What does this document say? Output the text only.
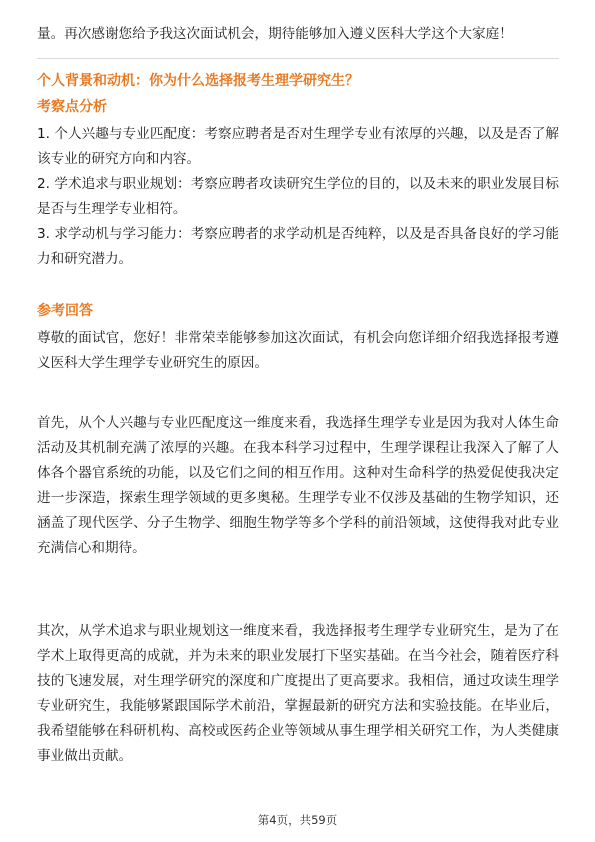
量。再次感谢您给予我这次面试机会，期待能够加入遵义医科大学这个大家庭！

个人背景和动机：你为什么选择报考生理学研究生？

考察点分析

1. 个人兴趣与专业匹配度：考察应聘者是否对生理学专业有浓厚的兴趣，以及是否了解该专业的研究方向和内容。

2. 学术追求与职业规划：考察应聘者攻读研究生学位的目的，以及未来的职业发展目标是否与生理学专业相符。

3. 求学动机与学习能力：考察应聘者的求学动机是否纯粹，以及是否具备良好的学习能力和研究潜力。

参考回答

尊敬的面试官，您好！非常荣幸能够参加这次面试，有机会向您详细介绍我选择报考遵义医科大学生理学专业研究生的原因。

首先，从个人兴趣与专业匹配度这一维度来看，我选择生理学专业是因为我对人体生命活动及其机制充满了浓厚的兴趣。在我本科学习过程中，生理学课程让我深入了解了人体各个器官系统的功能，以及它们之间的相互作用。这种对生命科学的热爱促使我决定进一步深造，探索生理学领域的更多奥秘。生理学专业不仅涉及基础的生物学知识，还涵盖了现代医学、分子生物学、细胞生物学等多个学科的前沿领域，这使得我对此专业充满信心和期待。

其次，从学术追求与职业规划这一维度来看，我选择报考生理学专业研究生，是为了在学术上取得更高的成就，并为未来的职业发展打下坚实基础。在当今社会，随着医疗科技的飞速发展，对生理学研究的深度和广度提出了更高要求。我相信，通过攻读生理学专业研究生，我能够紧跟国际学术前沿，掌握最新的研究方法和实验技能。在毕业后，我希望能够在科研机构、高校或医药企业等领域从事生理学相关研究工作，为人类健康事业做出贡献。

第4页，共59页
